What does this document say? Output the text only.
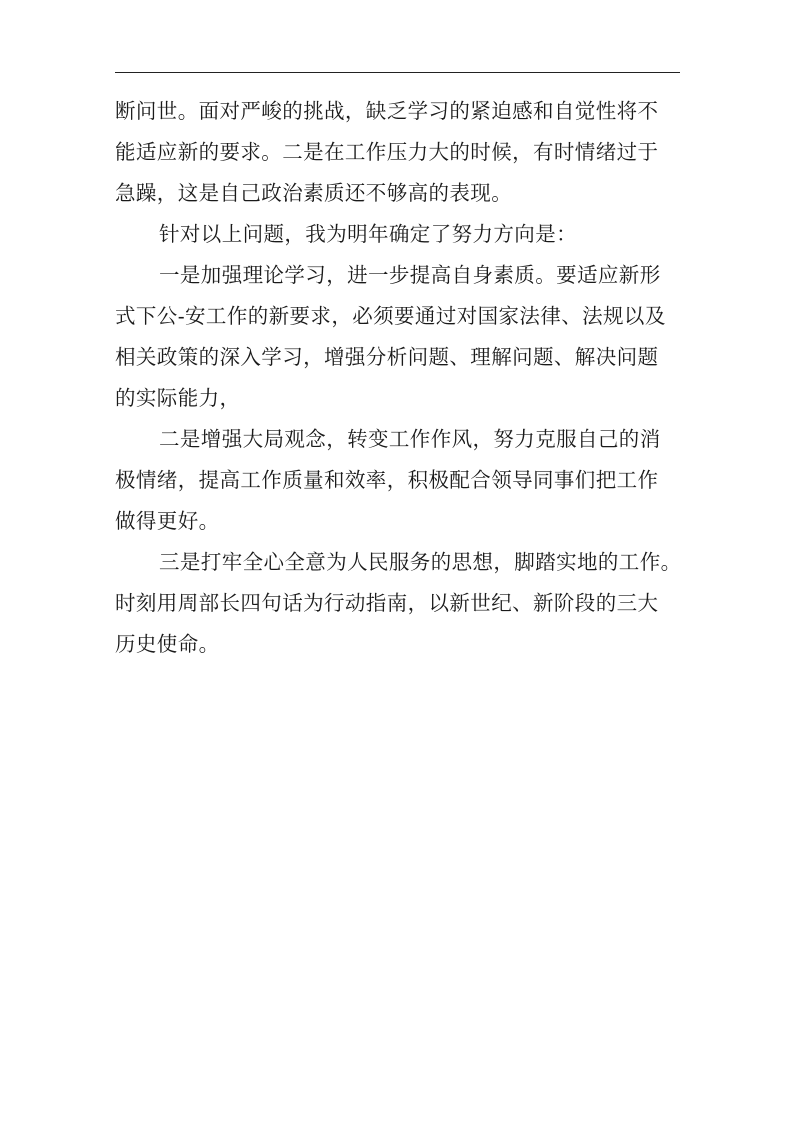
断问世。面对严峻的挑战，缺乏学习的紧迫感和自觉性将不
能适应新的要求。二是在工作压力大的时候，有时情绪过于
急躁，这是自己政治素质还不够高的表现。
针对以上问题，我为明年确定了努力方向是：
一是加强理论学习，进一步提高自身素质。要适应新形
式下公-安工作的新要求，必须要通过对国家法律、法规以及
相关政策的深入学习，增强分析问题、理解问题、解决问题
的实际能力，
二是增强大局观念，转变工作作风，努力克服自己的消
极情绪，提高工作质量和效率，积极配合领导同事们把工作
做得更好。
三是打牢全心全意为人民服务的思想，脚踏实地的工作。
时刻用周部长四句话为行动指南，以新世纪、新阶段的三大
历史使命。
